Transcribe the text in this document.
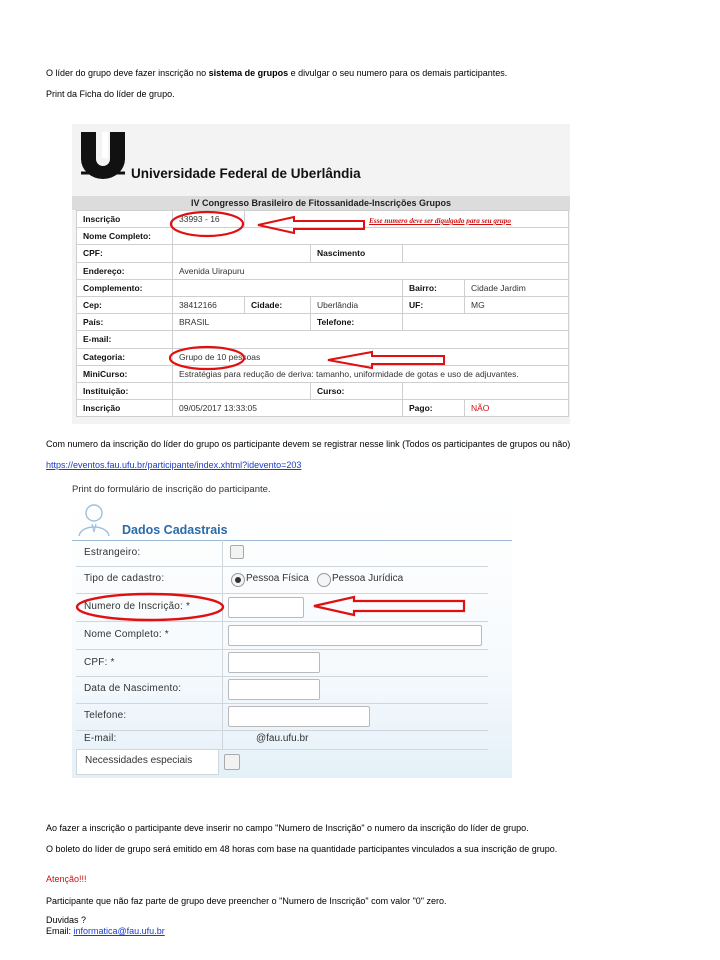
O líder do grupo deve fazer inscrição no sistema de grupos e divulgar o seu numero para os demais participantes.
Print da Ficha do líder de grupo.
Universidade Federal de Uberlândia
IV Congresso Brasileiro de Fitossanidade-Inscrições Grupos
Inscrição	33993 - 16				
Nome Completo:					
CPF:			Nascimento		
Endereço:	Avenida Uirapuru				
Complemento:				Bairro:	Cidade Jardim
Cep:	38412166	Cidade:	Uberlândia	UF:	MG
País:	BRASIL		Telefone:		
E-mail:					
Categoria:	Grupo de 10 pessoas				
MiniCurso:	Estratégias para redução de deriva: tamanho, uniformidade de gotas e uso de adjuvantes.				
Instituição:			Curso:		
Inscrição	09/05/2017 13:33:05			Pago:	NÃO
Esse numero deve ser digulgado para seu grupo
Com numero da inscrição do líder do grupo os participante devem se registrar nesse link (Todos os participantes de grupos ou não)
https://eventos.fau.ufu.br/participante/index.xhtml?idevento=203
Print do formulário de inscrição do participante.
Dados Cadastrais
Estrangeiro:
Tipo de cadastro:	Pessoa Física Pessoa Jurídica
Numero de Inscrição: *
Nome Completo: *
CPF: *
Data de Nascimento:
Telefone:
E-mail:	@fau.ufu.br
Necessidades especiais
Ao fazer a inscrição o participante deve inserir no campo "Numero de Inscrição" o numero da inscrição do líder de grupo.
O boleto do líder de grupo será emitido em 48 horas com base na quantidade participantes vinculados a sua inscrição de grupo.
Atenção!!!
Participante que não faz parte de grupo deve preencher o "Numero de Inscrição" com valor "0" zero.
Duvidas ?
Email: informatica@fau.ufu.br
